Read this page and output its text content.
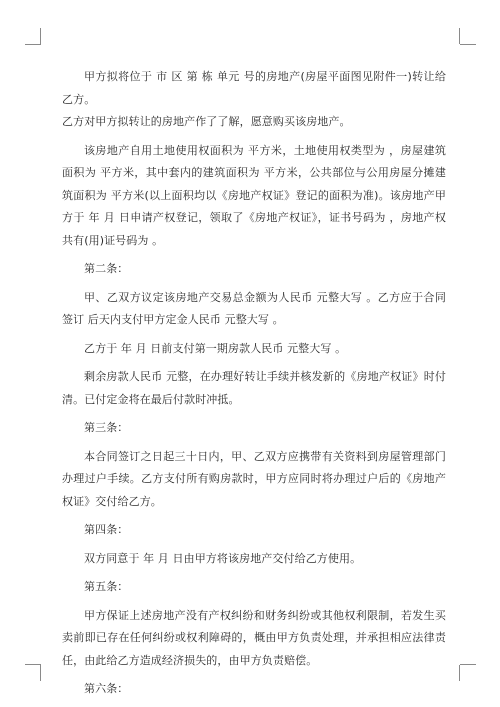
甲方拟将位于 市 区 第 栋 单元 号的房地产(房屋平面图见附件一)转让给乙方。

乙方对甲方拟转让的房地产作了了解，愿意购买该房地产。

该房地产自用土地使用权面积为 平方米，土地使用权类型为 ，房屋建筑面积为 平方米，其中套内的建筑面积为 平方米，公共部位与公用房屋分摊建筑面积为 平方米(以上面积均以《房地产权证》登记的面积为准)。该房地产甲方于 年 月 日申请产权登记，领取了《房地产权证》，证书号码为 ，房地产权共有(用)证号码为 。

第二条：

甲、乙双方议定该房地产交易总金额为人民币 元整大写 。乙方应于合同签订 后天内支付甲方定金人民币 元整大写 。

乙方于 年 月 日前支付第一期房款人民币 元整大写 。

剩余房款人民币 元整，在办理好转让手续并核发新的《房地产权证》时付清。已付定金将在最后付款时冲抵。

第三条：

本合同签订之日起三十日内，甲、乙双方应携带有关资料到房屋管理部门办理过户手续。乙方支付所有购房款时，甲方应同时将办理过户后的《房地产权证》交付给乙方。

第四条：

双方同意于 年 月 日由甲方将该房地产交付给乙方使用。

第五条：

甲方保证上述房地产没有产权纠纷和财务纠纷或其他权利限制，若发生买卖前即已存在任何纠纷或权利障碍的，概由甲方负责处理，并承担相应法律责任，由此给乙方造成经济损失的，由甲方负责赔偿。

第六条：
